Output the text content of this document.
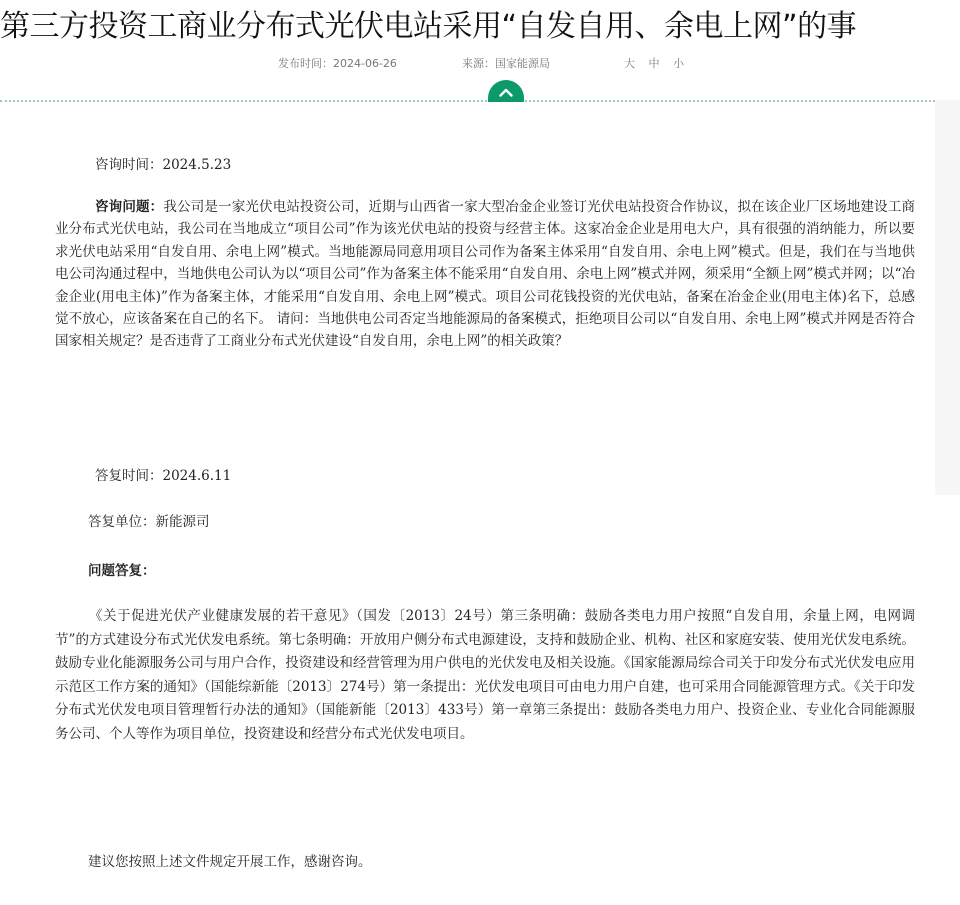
第三方投资工商业分布式光伏电站采用“自发自用、余电上网”的事
发布时间：2024-06-26	来源：国家能源局	大 中 小
咨询时间：2024.5.23
咨询问题：我公司是一家光伏电站投资公司，近期与山西省一家大型冶金企业签订光伏电站投资合作协议，拟在该企业厂区场地建设工商业分布式光伏电站，我公司在当地成立“项目公司”作为该光伏电站的投资与经营主体。这家冶金企业是用电大户，具有很强的消纳能力，所以要求光伏电站采用“自发自用、余电上网”模式。当地能源局同意用项目公司作为备案主体采用“自发自用、余电上网”模式。但是，我们在与当地供电公司沟通过程中，当地供电公司认为以“项目公司”作为备案主体不能采用“自发自用、余电上网”模式并网，须采用“全额上网”模式并网；以“冶金企业(用电主体)”作为备案主体，才能采用“自发自用、余电上网”模式。项目公司花钱投资的光伏电站，备案在冶金企业(用电主体)名下，总感觉不放心，应该备案在自己的名下。 请问：当地供电公司否定当地能源局的备案模式，拒绝项目公司以“自发自用、余电上网”模式并网是否符合国家相关规定？是否违背了工商业分布式光伏建设“自发自用，余电上网”的相关政策？
答复时间：2024.6.11
答复单位：新能源司
问题答复：
《关于促进光伏产业健康发展的若干意见》（国发〔2013〕24号）第三条明确：鼓励各类电力用户按照“自发自用，余量上网，电网调节”的方式建设分布式光伏发电系统。第七条明确：开放用户侧分布式电源建设，支持和鼓励企业、机构、社区和家庭安装、使用光伏发电系统。鼓励专业化能源服务公司与用户合作，投资建设和经营管理为用户供电的光伏发电及相关设施。《国家能源局综合司关于印发分布式光伏发电应用示范区工作方案的通知》（国能综新能〔2013〕274号）第一条提出：光伏发电项目可由电力用户自建，也可采用合同能源管理方式。《关于印发分布式光伏发电项目管理暂行办法的通知》（国能新能〔2013〕433号）第一章第三条提出：鼓励各类电力用户、投资企业、专业化合同能源服务公司、个人等作为项目单位，投资建设和经营分布式光伏发电项目。
建议您按照上述文件规定开展工作，感谢咨询。
